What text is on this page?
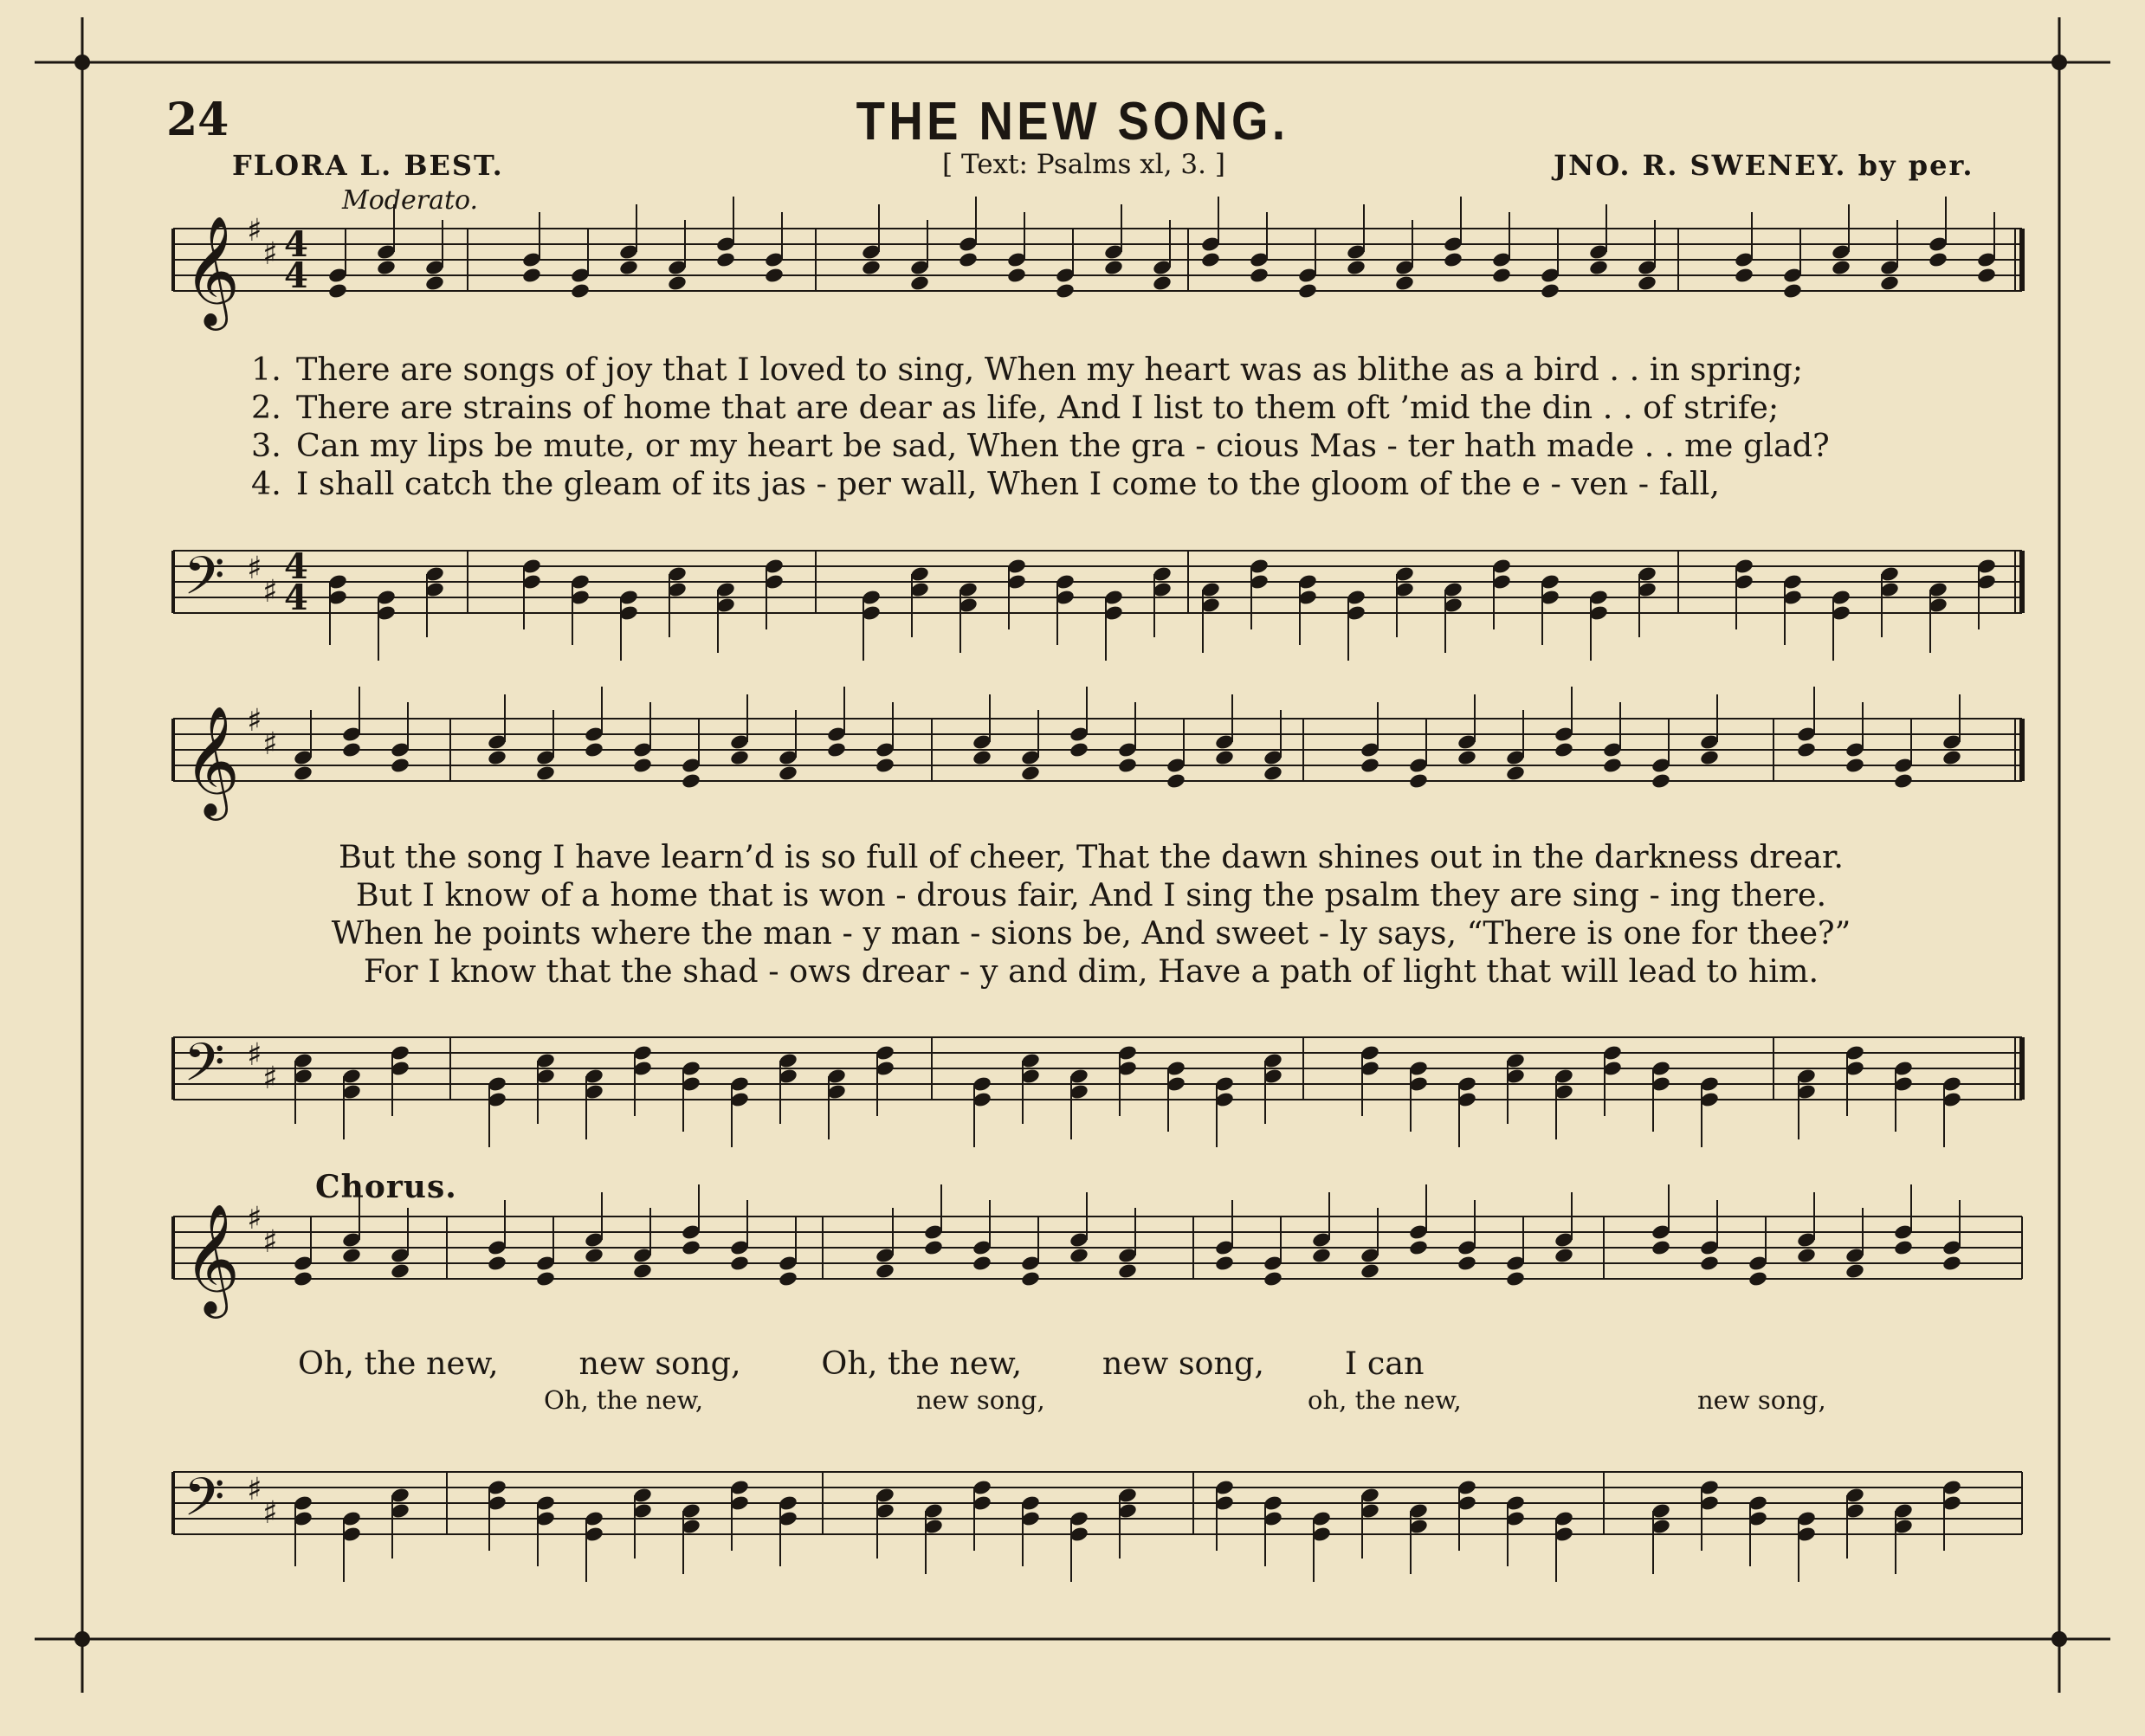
𝄞 ♯
♯ 4
4
𝄢 ♯
♯
4
4
𝄞 ♯
♯
𝄢 ♯
♯
𝄞 ♯
♯
𝄢 ♯
♯
24	THE NEW SONG.
FLORA L. BEST.	[ Text: Psalms xl, 3. ]	JNO. R. SWENEY. by per.
Moderato.
1. There are songs of joy that I loved to sing, When my heart was as blithe as a bird . . in spring;
2. There are strains of home that are dear as life, And I list to them oft ’mid the din . . of strife;
3. Can my lips be mute, or my heart be sad, When the gra - cious Mas - ter hath made . . me glad?
4. I shall catch the gleam of its jas - per wall, When I come to the gloom of the e - ven - fall,
But the song I have learn’d is so full of cheer, That the dawn shines out in the darkness drear.
But I know of a home that is won - drous fair, And I sing the psalm they are sing - ing there.
When he points where the man - y man - sions be, And sweet - ly says, “There is one for thee?”
For I know that the shad - ows drear - y and dim, Have a path of light that will lead to him.
Chorus.
Oh, the new,        new song,        Oh, the new,        new song,        I can
Oh, the new,	new song,	oh, the new,	new song,
